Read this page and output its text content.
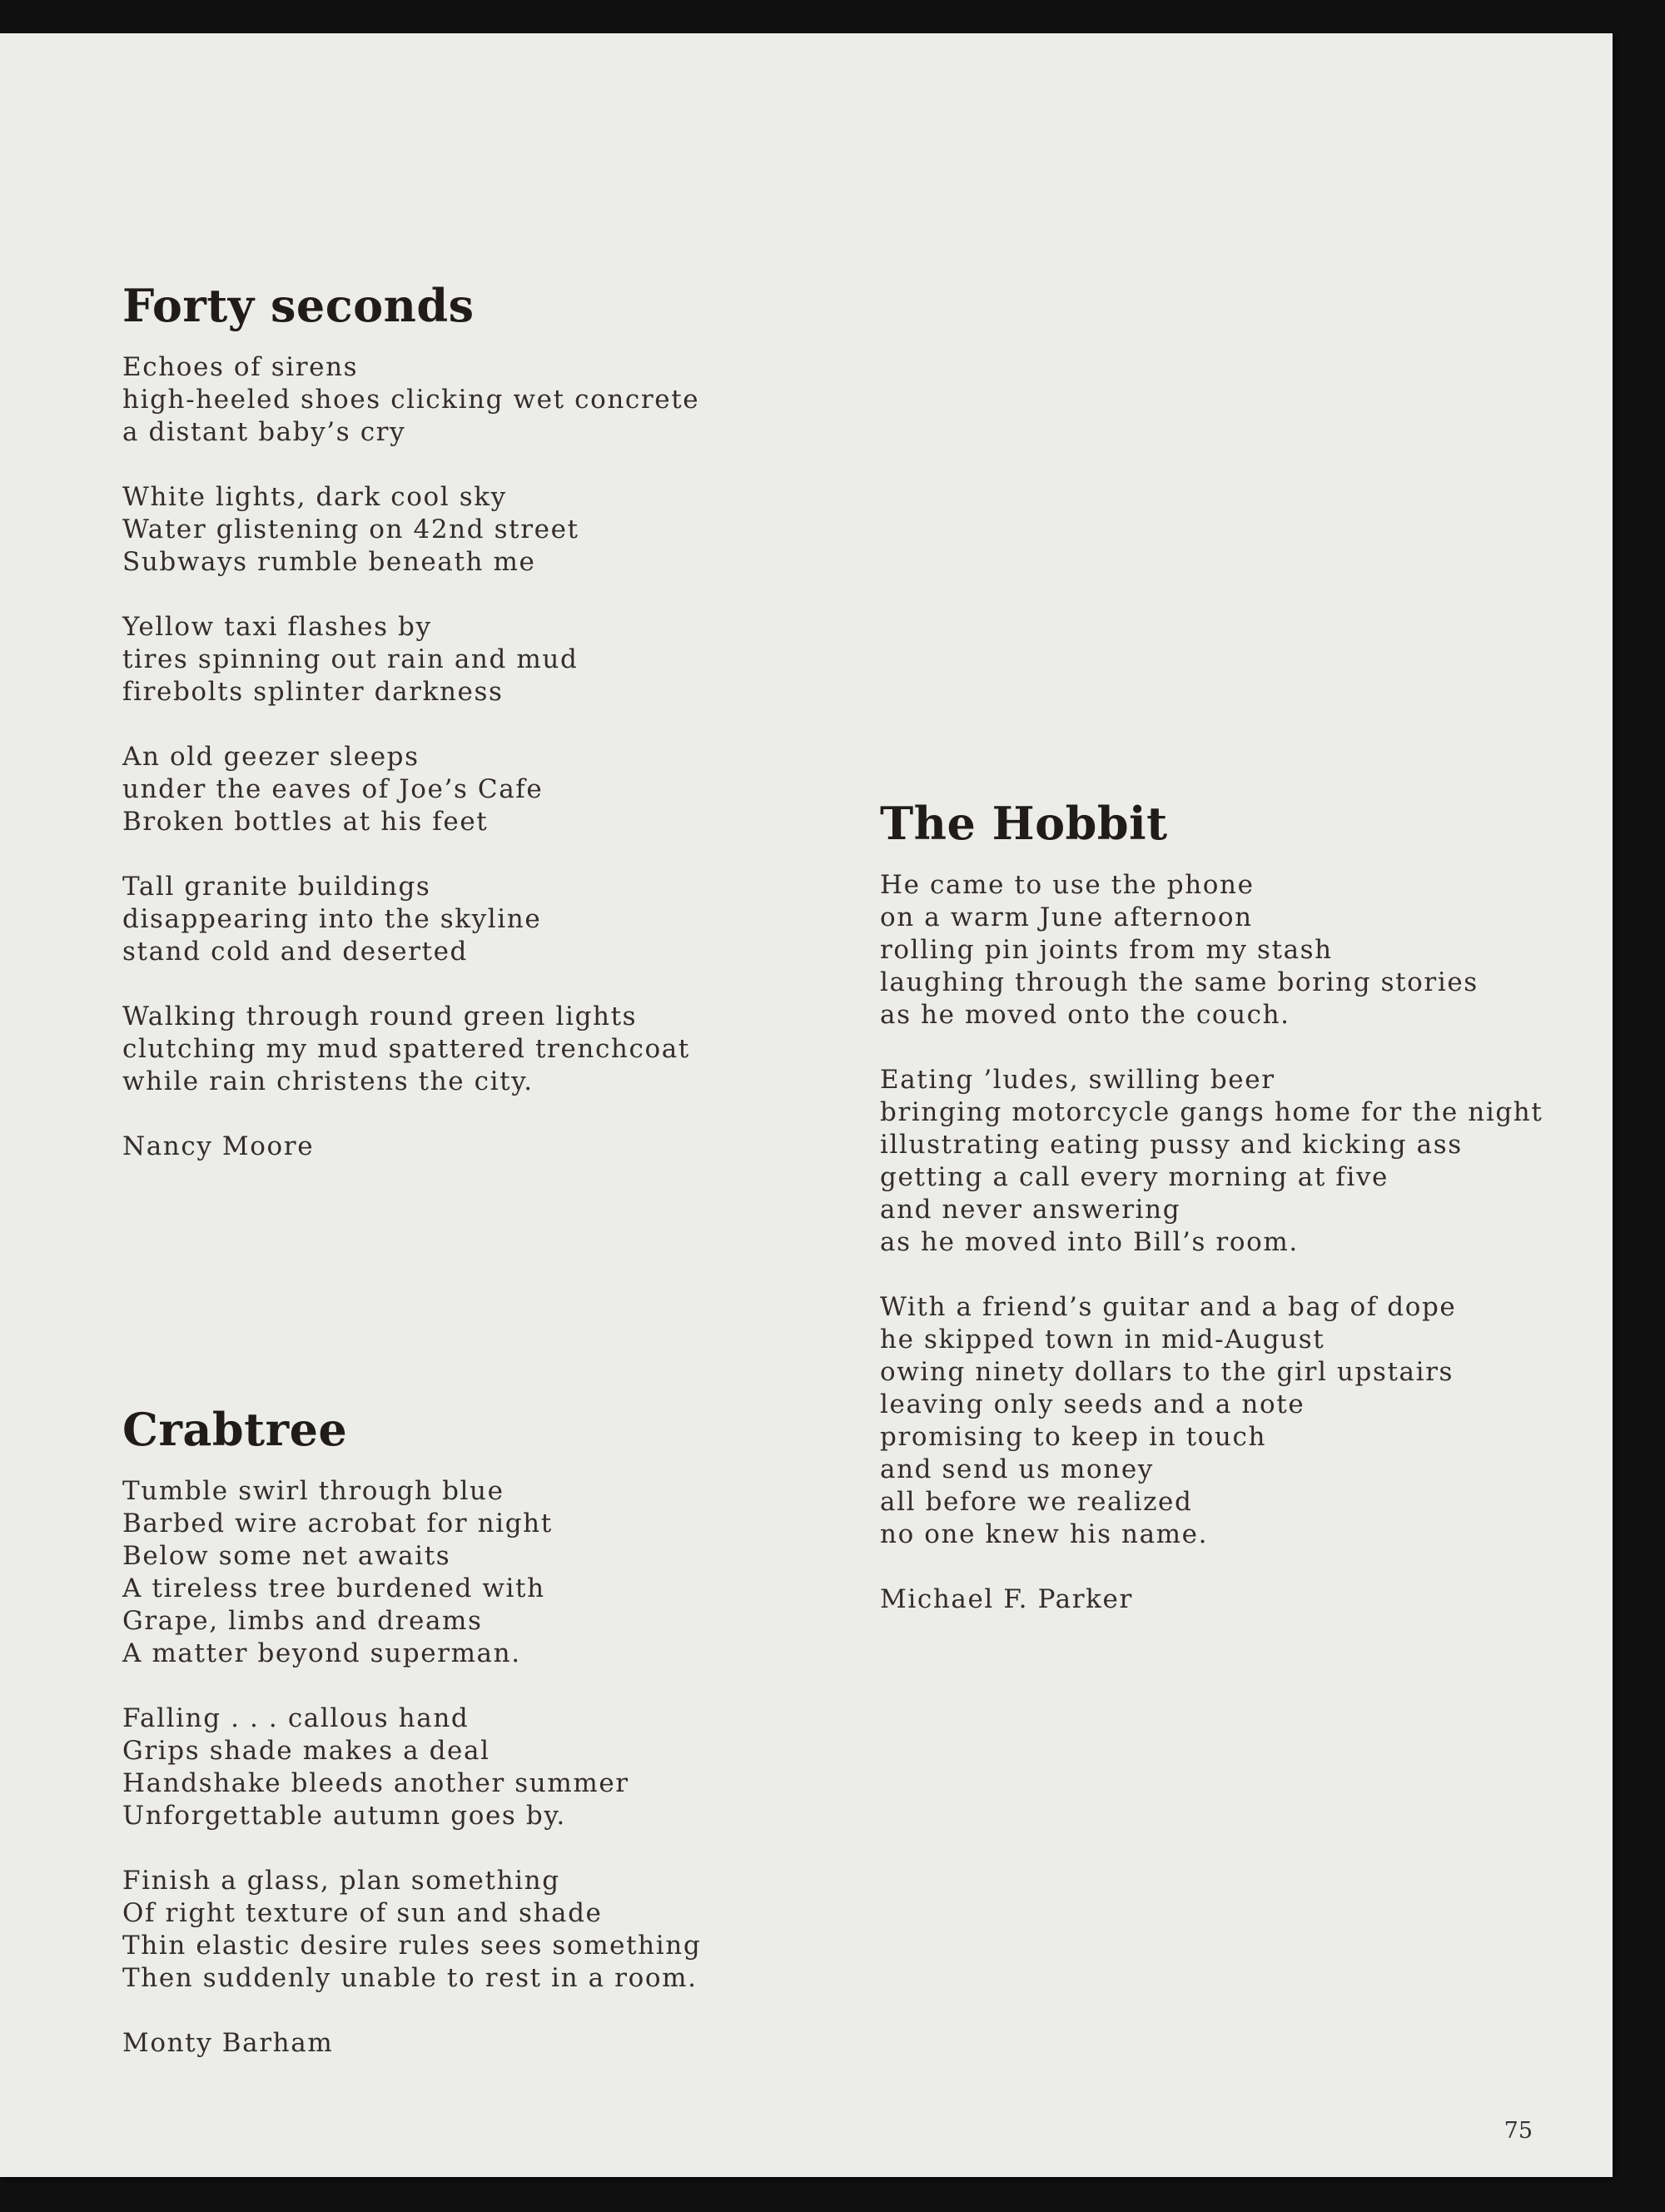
Forty seconds
Echoes of sirens
high-heeled shoes clicking wet concrete
a distant baby’s cry
White lights, dark cool sky
Water glistening on 42nd street
Subways rumble beneath me
Yellow taxi flashes by
tires spinning out rain and mud
firebolts splinter darkness
An old geezer sleeps
under the eaves of Joe’s Cafe
Broken bottles at his feet
Tall granite buildings
disappearing into the skyline
stand cold and deserted
Walking through round green lights
clutching my mud spattered trenchcoat
while rain christens the city.
Nancy Moore
Crabtree
Tumble swirl through blue
Barbed wire acrobat for night
Below some net awaits
A tireless tree burdened with
Grape, limbs and dreams
A matter beyond superman.
Falling . . . callous hand
Grips shade makes a deal
Handshake bleeds another summer
Unforgettable autumn goes by.
Finish a glass, plan something
Of right texture of sun and shade
Thin elastic desire rules sees something
Then suddenly unable to rest in a room.
Monty Barham
The Hobbit
He came to use the phone
on a warm June afternoon
rolling pin joints from my stash
laughing through the same boring stories
as he moved onto the couch.
Eating ’ludes, swilling beer
bringing motorcycle gangs home for the night
illustrating eating pussy and kicking ass
getting a call every morning at five
and never answering
as he moved into Bill’s room.
With a friend’s guitar and a bag of dope
he skipped town in mid-August
owing ninety dollars to the girl upstairs
leaving only seeds and a note
promising to keep in touch
and send us money
all before we realized
no one knew his name.
Michael F. Parker
75
